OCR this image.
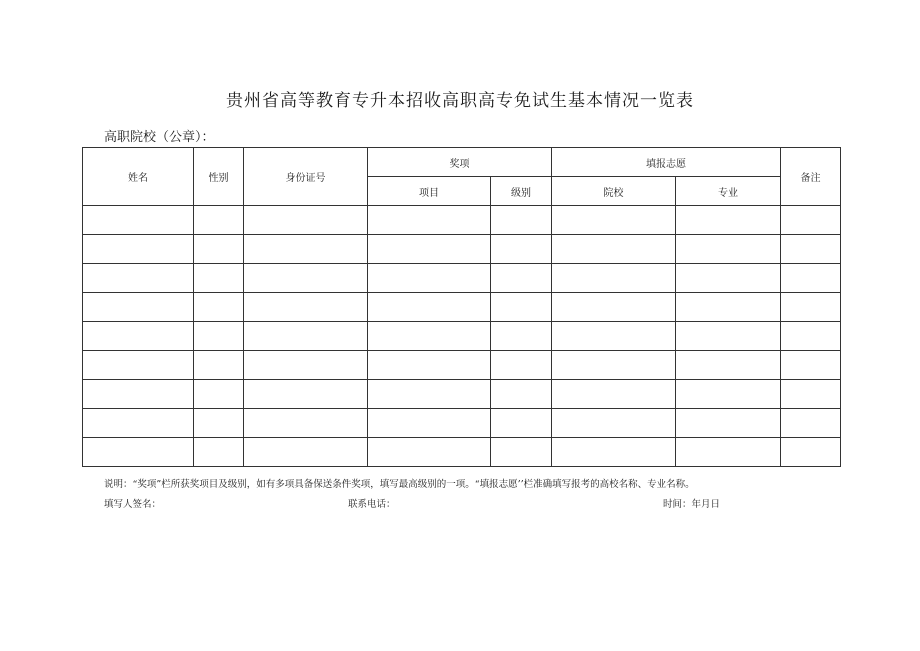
贵州省高等教育专升本招收高职高专免试生基本情况一览表
高职院校（公章）：
姓名	性别	身份证号	奖项		填报志愿		备注
			项目	级别	院校	专业	

说明：“奖项”栏所获奖项目及级别，如有多项具备保送条件奖项，填写最高级别的一项。“填报志愿’’栏准确填写报考的高校名称、专业名称。
填写人签名：	联系电话：	时间：年月日
